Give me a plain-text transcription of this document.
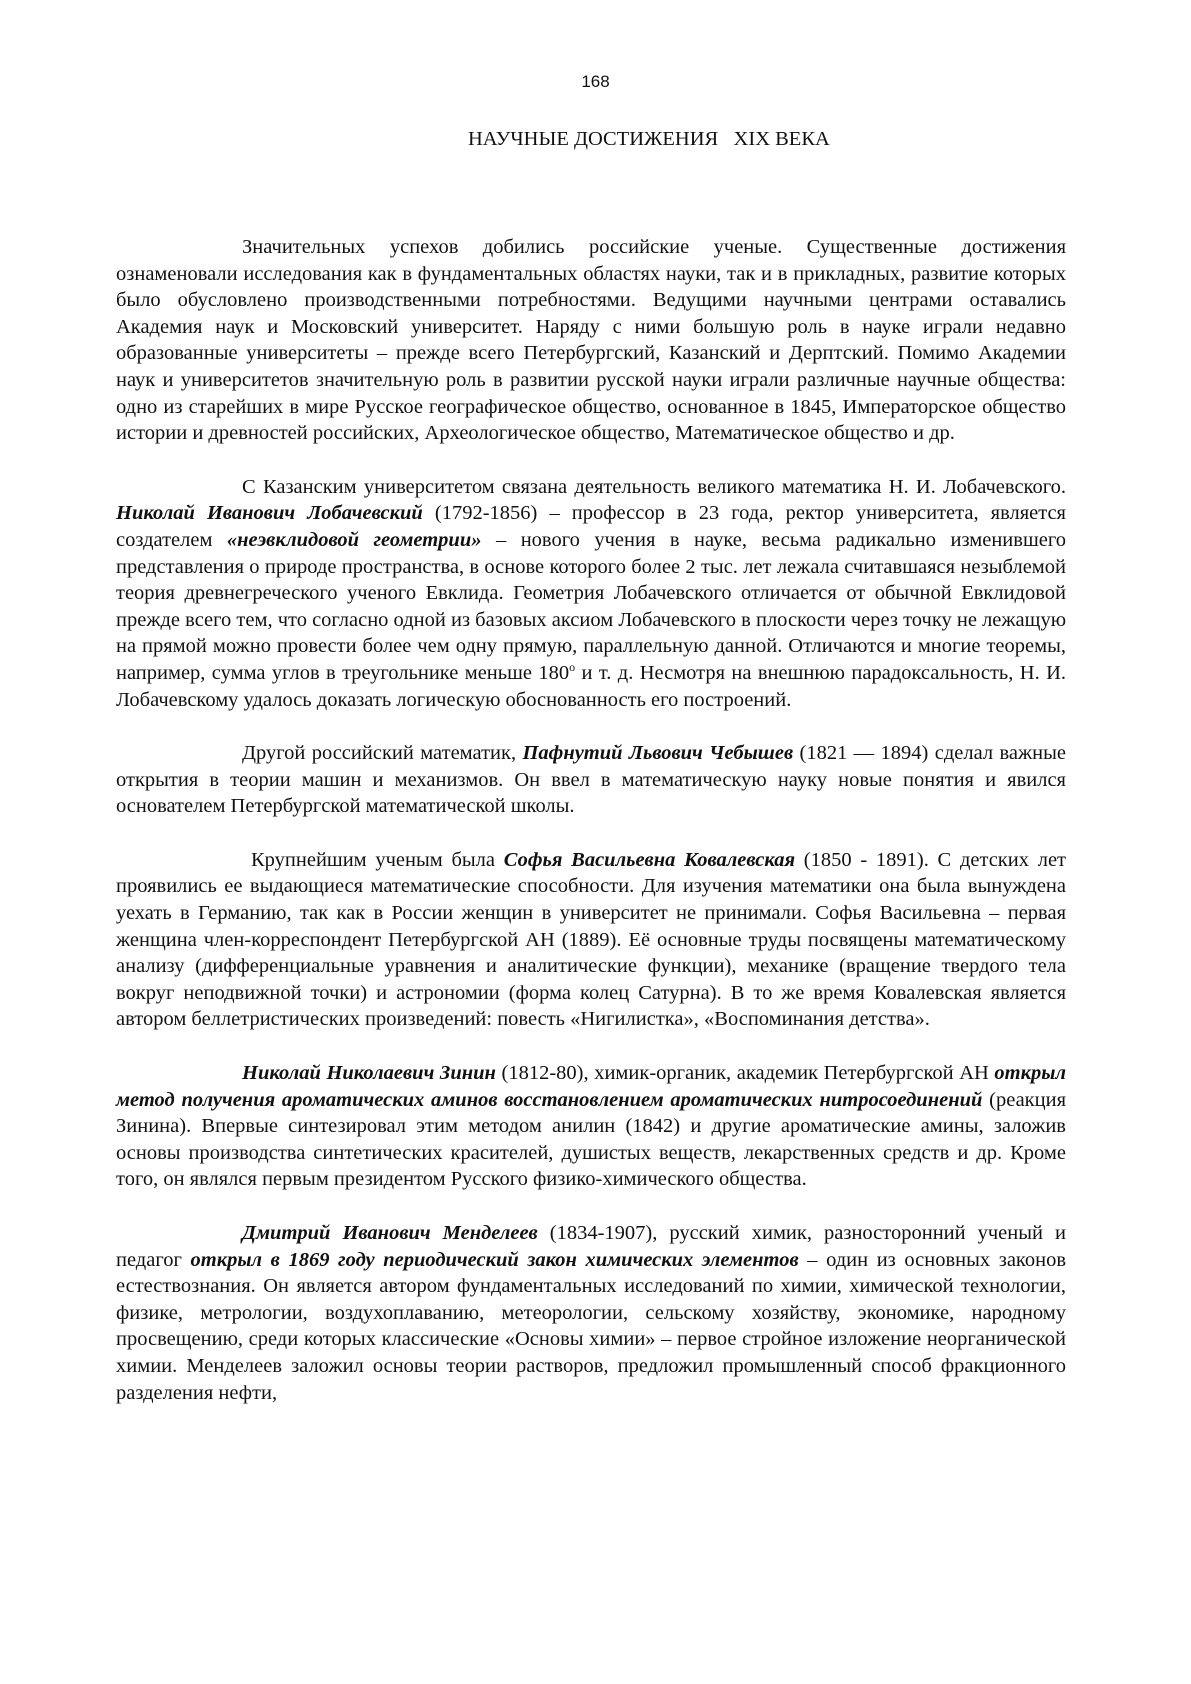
168
НАУЧНЫЕ ДОСТИЖЕНИЯ   XIX ВЕКА

Значительных успехов добились российские ученые. Существенные достижения ознаменовали исследования как в фундаментальных областях науки, так и в прикладных, развитие которых было обусловлено производственными потребностями. Ведущими научными центрами оставались Академия наук и Московский университет. Наряду с ними большую роль в науке играли недавно образованные университеты – прежде всего Петербургский, Казанский и Дерптский. Помимо Академии наук и университетов значительную роль в развитии русской науки играли различные научные общества: одно из старейших в мире Русское географическое общество, основанное в 1845, Императорское общество истории и древностей российских, Археологическое общество, Математическое общество и др.

С Казанским университетом связана деятельность великого математика Н. И. Лобачевского. Николай Иванович Лобачевский (1792-1856) – профессор в 23 года, ректор университета, является создателем «неэвклидовой геометрии» – нового учения в науке, весьма радикально изменившего представления о природе пространства, в основе которого более 2 тыс. лет лежала считавшаяся незыблемой теория древнегреческого ученого Евклида. Геометрия Лобачевского отличается от обычной Евклидовой прежде всего тем, что согласно одной из базовых аксиом Лобачевского в плоскости через точку не лежащую на прямой можно провести более чем одну прямую, параллельную данной. Отличаются и многие теоремы, например, сумма углов в треугольнике меньше $180^о$ и т. д. Несмотря на внешнюю парадоксальность, Н. И. Лобачевскому удалось доказать логическую обоснованность его построений.

Другой российский математик, Пафнутий Львович Чебышев (1821 — 1894) сделал важные открытия в теории машин и механизмов. Он ввел в математическую науку новые понятия и явился основателем Петербургской математической школы.

Крупнейшим ученым была Софья Васильевна Ковалевская (1850 - 1891). С детских лет проявились ее выдающиеся математические способности. Для изучения математики она была вынуждена уехать в Германию, так как в России женщин в университет не принимали. Софья Васильевна – первая женщина член-корреспондент Петербургской АН (1889). Её основные труды посвящены математическому анализу (дифференциальные уравнения и аналитические функции), механике (вращение твердого тела вокруг неподвижной точки) и астрономии (форма колец Сатурна). В то же время Ковалевская является автором беллетристических произведений: повесть «Нигилистка», «Воспоминания детства».

Николай Николаевич Зинин (1812-80), химик-органик, академик Петербургской АН открыл метод получения ароматических аминов восстановлением ароматических нитросоединений (реакция Зинина). Впервые синтезировал этим методом анилин (1842) и другие ароматические амины, заложив основы производства синтетических красителей, душистых веществ, лекарственных средств и др. Кроме того, он являлся первым президентом Русского физико-химического общества.

Дмитрий Иванович Менделеев (1834-1907), русский химик, разносторонний ученый и педагог открыл в 1869 году периодический закон химических элементов – один из основных законов естествознания. Он является автором фундаментальных исследований по химии, химической технологии, физике, метрологии, воздухоплаванию, метеорологии, сельскому хозяйству, экономике, народному просвещению, среди которых классические «Основы химии» – первое стройное изложение неорганической химии. Менделеев заложил основы теории растворов, предложил промышленный способ фракционного разделения нефти,
